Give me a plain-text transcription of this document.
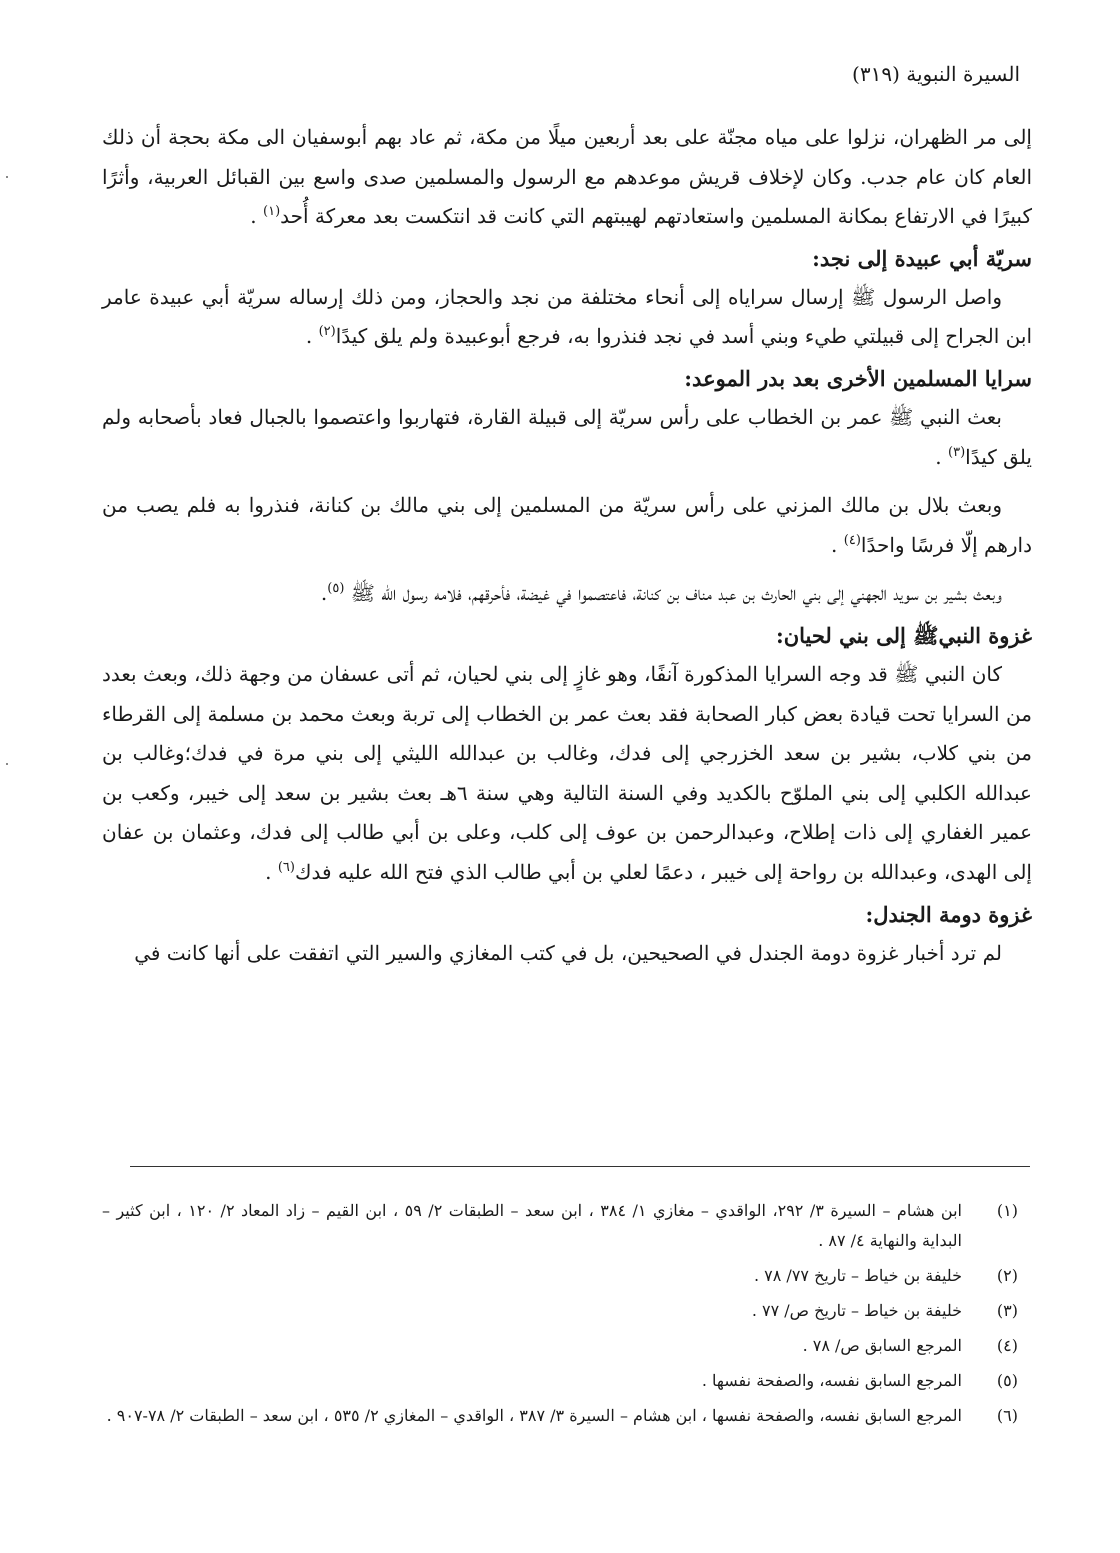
السيرة النبوية (٣١٩)

إلى مر الظهران، نزلوا على مياه مجنّة على بعد أربعين ميلًا من مكة، ثم عاد بهم أبوسفيان الى مكة بحجة أن ذلك العام كان عام جدب. وكان لإخلاف قريش موعدهم مع الرسول والمسلمين صدى واسع بين القبائل العربية، وأثرًا كبيرًا في الارتفاع بمكانة المسلمين واستعادتهم لهيبتهم التي كانت قد انتكست بعد معركة أُحد$^{(١)}$ .

سريّة أبي عبيدة إلى نجد:

واصل الرسول ﷺ إرسال سراياه إلى أنحاء مختلفة من نجد والحجاز، ومن ذلك إرساله سريّة أبي عبيدة عامر ابن الجراح إلى قبيلتي طيء وبني أسد في نجد فنذروا به، فرجع أبوعبيدة ولم يلق كيدًا$^{(٢)}$ .

سرايا المسلمين الأخرى بعد بدر الموعد:

بعث النبي ﷺ عمر بن الخطاب على رأس سريّة إلى قبيلة القارة، فتهاربوا واعتصموا بالجبال فعاد بأصحابه ولم يلق كيدًا$^{(٣)}$ .

وبعث بلال بن مالك المزني على رأس سريّة من المسلمين إلى بني مالك بن كنانة، فنذروا به فلم يصب من دارهم إلّا فرسًا واحدًا$^{(٤)}$ .

وبعث بشير بن سويد الجهني إلى بني الحارث بن عبد مناف بن كنانة، فاعتصموا في غيضة، فأحرقهم، فلامه رسول الله ﷺ $^{(٥)}$.

غزوة النبيﷺ إلى بني لحيان:

كان النبي ﷺ قد وجه السرايا المذكورة آنفًا، وهو غازٍ إلى بني لحيان، ثم أتى عسفان من وجهة ذلك، وبعث بعدد من السرايا تحت قيادة بعض كبار الصحابة فقد بعث عمر بن الخطاب إلى تربة وبعث محمد بن مسلمة إلى القرطاء من بني كلاب، بشير بن سعد الخزرجي إلى فدك، وغالب بن عبدالله الليثي إلى بني مرة في فدك؛وغالب بن عبدالله الكلبي إلى بني الملوّح بالكديد وفي السنة التالية وهي سنة ٦هـ بعث بشير بن سعد إلى خيبر، وكعب بن عمير الغفاري إلى ذات إطلاح، وعبدالرحمن بن عوف إلى كلب، وعلى بن أبي طالب إلى فدك، وعثمان بن عفان إلى الهدى، وعبدالله بن رواحة إلى خيبر ، دعمًا لعلي بن أبي طالب الذي فتح الله عليه فدك$^{(٦)}$ .

غزوة دومة الجندل:

لم ترد أخبار غزوة دومة الجندل في الصحيحين، بل في كتب المغازي والسير التي اتفقت على أنها كانت في

(١)
ابن هشام – السيرة ٣/ ٢٩٢، الواقدي – مغازي ١/ ٣٨٤ ، ابن سعد – الطبقات ٢/ ٥٩ ، ابن القيم – زاد المعاد ٢/ ١٢٠ ، ابن كثير – البداية والنهاية ٤/ ٨٧ .
(٢)
خليفة بن خياط – تاريخ ٧٧/ ٧٨ .
(٣)
خليفة بن خياط – تاريخ ص/ ٧٧ .
(٤)
المرجع السابق ص/ ٧٨ .
(٥)
المرجع السابق نفسه، والصفحة نفسها .
(٦)
المرجع السابق نفسه، والصفحة نفسها ، ابن هشام – السيرة ٣/ ٣٨٧ ، الواقدي – المغازي ٢/ ٥٣٥ ، ابن سعد – الطبقات ٢/ ٧٨-٩٠٧ .
